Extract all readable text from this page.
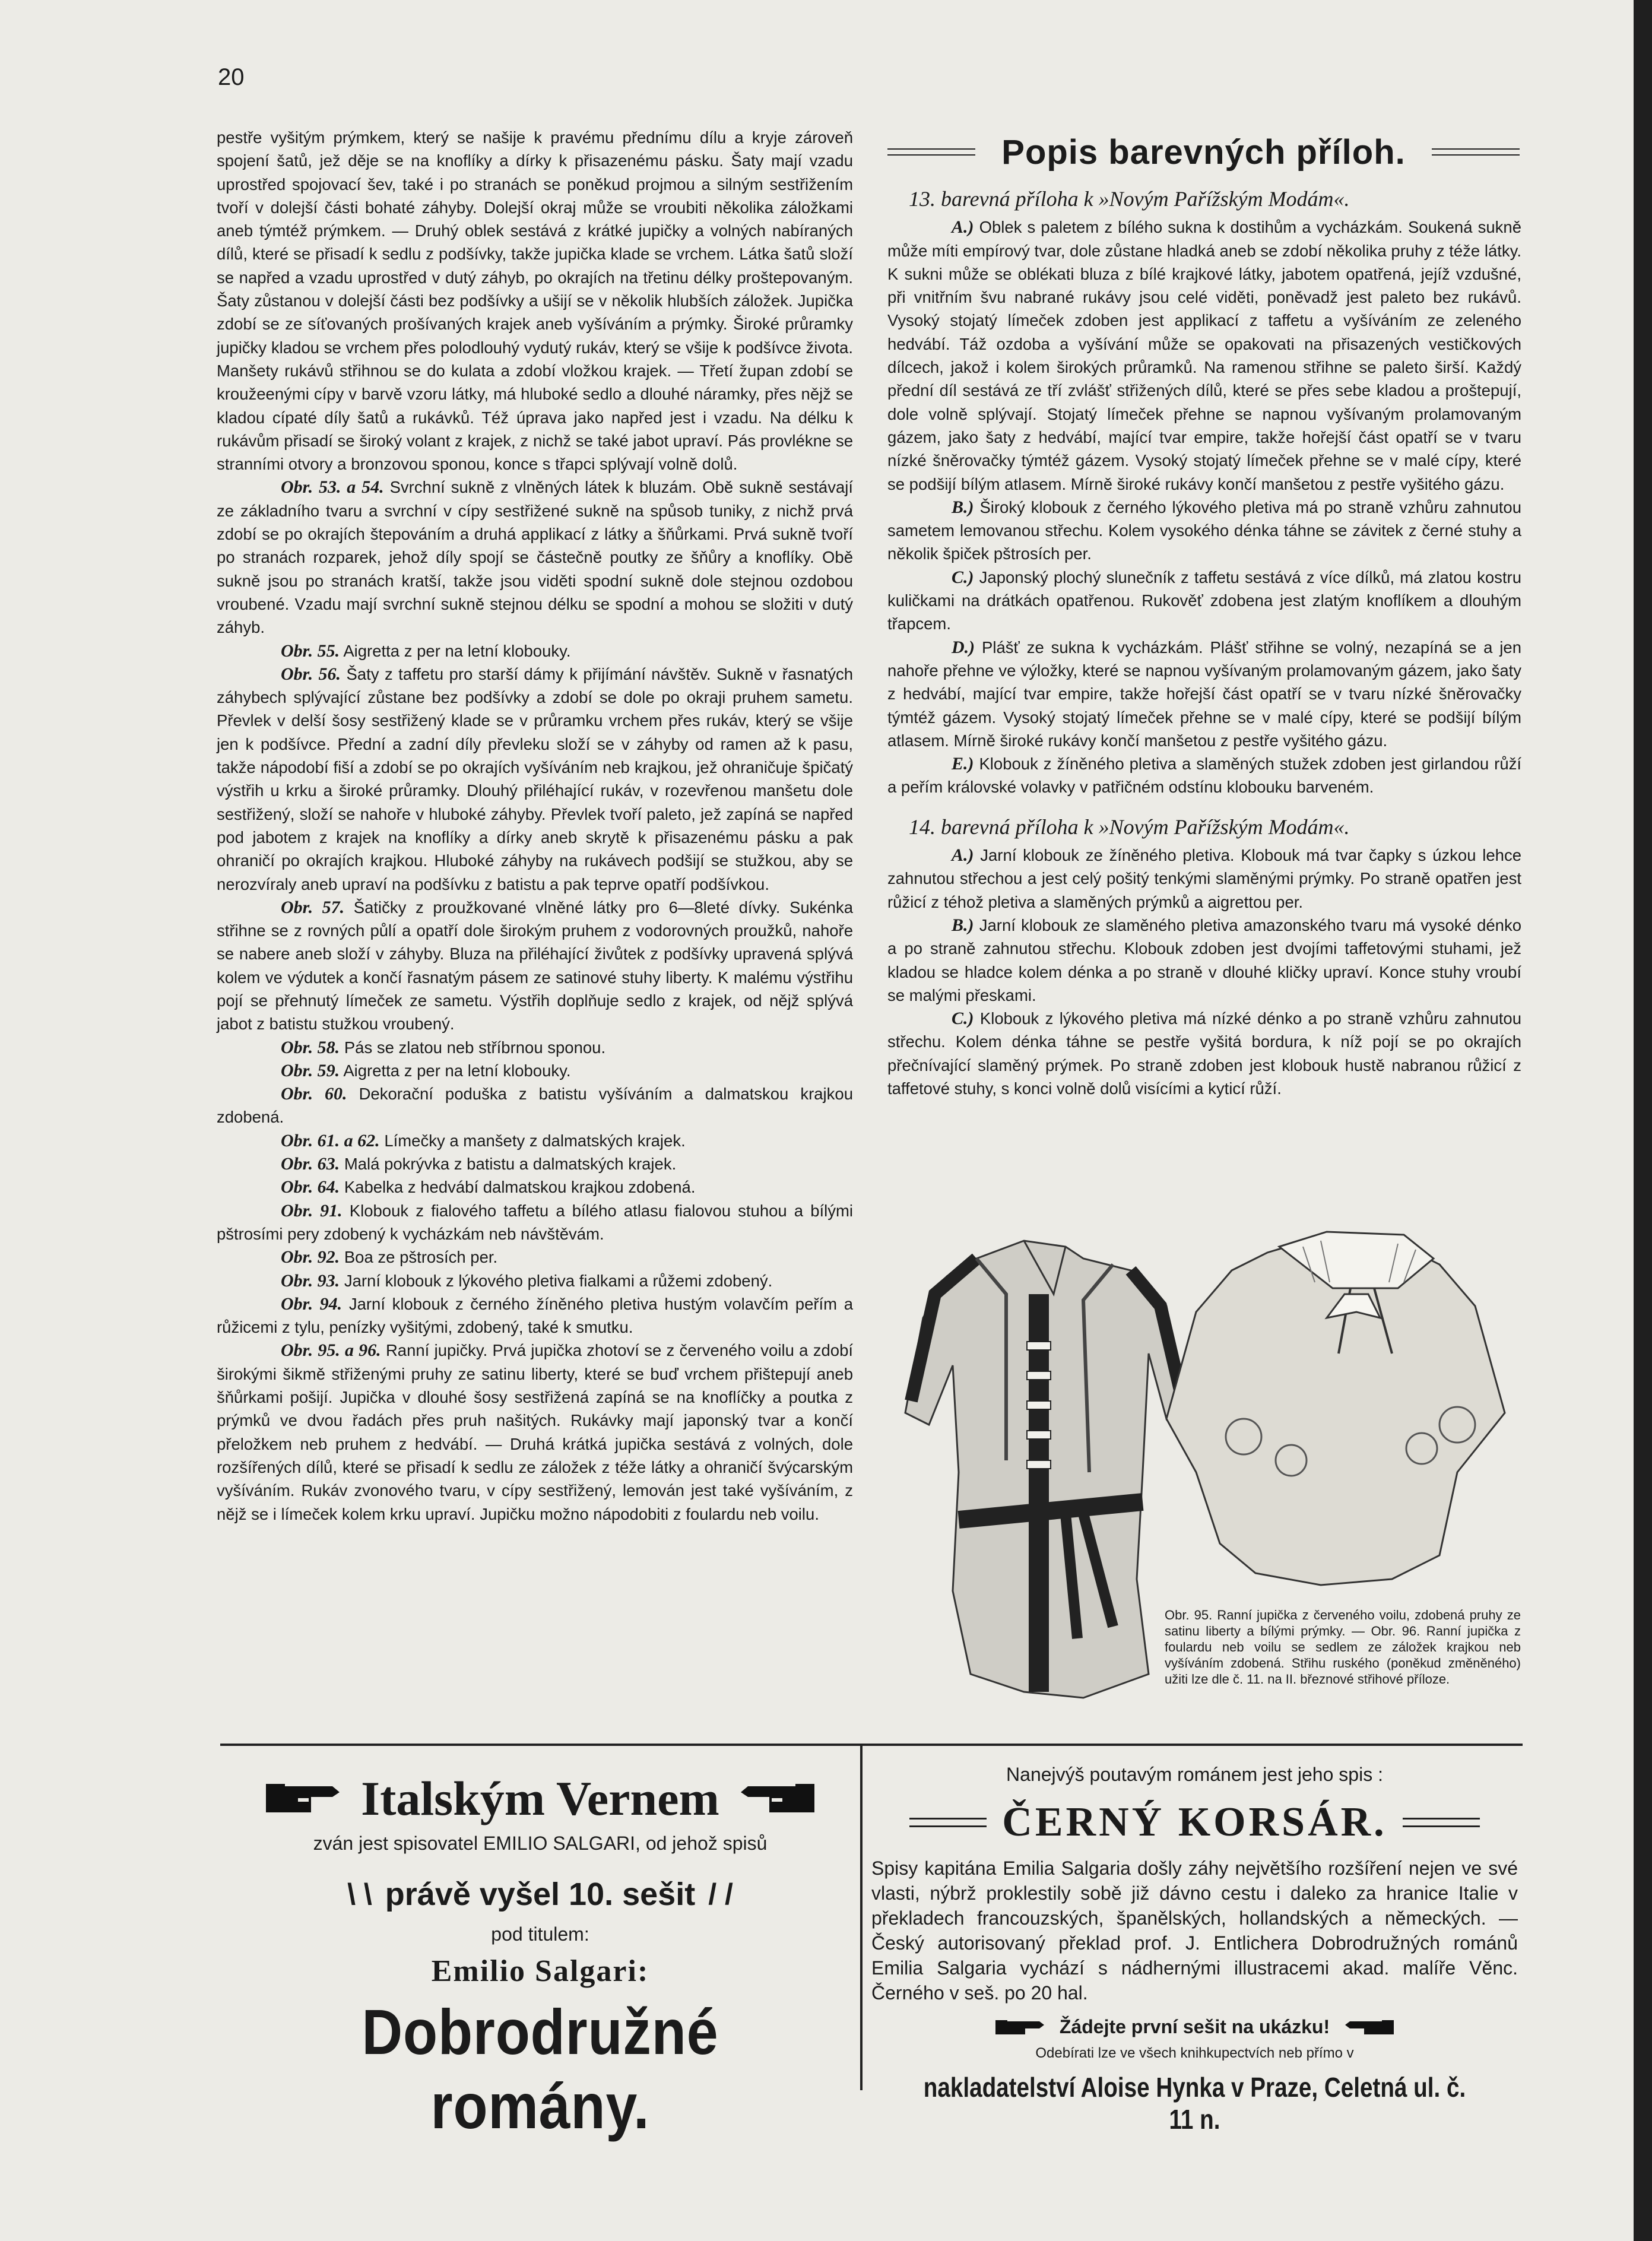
20

pestře vyšitým prýmkem, který se našije k pravému přednímu dílu a kryje zároveň spojení šatů, jež děje se na knoflíky a dírky k přisazenému pásku. Šaty mají vzadu uprostřed spojovací šev, také i po stranách se poněkud projmou a silným sestřižením tvoří v dolejší části bohaté záhyby. Dolejší okraj může se vroubiti několika záložkami aneb týmtéž prýmkem. — Druhý oblek sestává z krátké jupičky a volných nabíraných dílů, které se přisadí k sedlu z podšívky, takže jupička klade se vrchem. Látka šatů složí se napřed a vzadu uprostřed v dutý záhyb, po okrajích na třetinu délky proštepovaným. Šaty zůstanou v dolejší části bez podšívky a ušijí se v několik hlubších záložek. Jupička zdobí se ze síťovaných prošívaných krajek aneb vyšíváním a prýmky. Široké průramky jupičky kladou se vrchem přes polodlouhý vydutý rukáv, který se všije k podšívce života. Manšety rukávů střihnou se do kulata a zdobí vložkou krajek. — Třetí župan zdobí se kroužeenými cípy v barvě vzoru látky, má hluboké sedlo a dlouhé náramky, přes nějž se kladou cípaté díly šatů a rukávků. Též úprava jako napřed jest i vzadu. Na délku k rukávům přisadí se široký volant z krajek, z nichž se také jabot upraví. Pás provlékne se stranními otvory a bronzovou sponou, konce s třapci splývají volně dolů.

Obr. 53. a 54. Svrchní sukně z vlněných látek k bluzám. Obě sukně sestávají ze základního tvaru a svrchní v cípy sestřižené sukně na spůsob tuniky, z nichž prvá zdobí se po okrajích štepováním a druhá applikací z látky a šňůrkami. Prvá sukně tvoří po stranách rozparek, jehož díly spojí se částečně poutky ze šňůry a knoflíky. Obě sukně jsou po stranách kratší, takže jsou viděti spodní sukně dole stejnou ozdobou vroubené. Vzadu mají svrchní sukně stejnou délku se spodní a mohou se složiti v dutý záhyb.

Obr. 55. Aigretta z per na letní klobouky.

Obr. 56. Šaty z taffetu pro starší dámy k přijímání návštěv. Sukně v řasnatých záhybech splývající zůstane bez podšívky a zdobí se dole po okraji pruhem sametu. Převlek v delší šosy sestřižený klade se v průramku vrchem přes rukáv, který se všije jen k podšívce. Přední a zadní díly převleku složí se v záhyby od ramen až k pasu, takže nápodobí fiší a zdobí se po okrajích vyšíváním neb krajkou, jež ohraničuje špičatý výstřih u krku a široké průramky. Dlouhý přiléhající rukáv, v rozevřenou manšetu dole sestřižený, složí se nahoře v hluboké záhyby. Převlek tvoří paleto, jež zapíná se napřed pod jabotem z krajek na knoflíky a dírky aneb skrytě k přisazenému pásku a pak ohraničí po okrajích krajkou. Hluboké záhyby na rukávech podšijí se stužkou, aby se nerozvíraly aneb upraví na podšívku z batistu a pak teprve opatří podšívkou.

Obr. 57. Šatičky z proužkované vlněné látky pro 6—8leté dívky. Sukénka střihne se z rovných půlí a opatří dole širokým pruhem z vodorovných proužků, nahoře se nabere aneb složí v záhyby. Bluza na přiléhající živůtek z podšívky upravená splývá kolem ve výdutek a končí řasnatým pásem ze satinové stuhy liberty. K malému výstřihu pojí se přehnutý límeček ze sametu. Výstřih doplňuje sedlo z krajek, od nějž splývá jabot z batistu stužkou vroubený.

Obr. 58. Pás se zlatou neb stříbrnou sponou.

Obr. 59. Aigretta z per na letní klobouky.

Obr. 60. Dekorační poduška z batistu vyšíváním a dalmatskou krajkou zdobená.

Obr. 61. a 62. Límečky a manšety z dalmatských krajek.

Obr. 63. Malá pokrývka z batistu a dalmatských krajek.

Obr. 64. Kabelka z hedvábí dalmatskou krajkou zdobená.

Obr. 91. Klobouk z fialového taffetu a bílého atlasu fialovou stuhou a bílými pštrosími pery zdobený k vycházkám neb návštěvám.

Obr. 92. Boa ze pštrosích per.

Obr. 93. Jarní klobouk z lýkového pletiva fialkami a růžemi zdobený.

Obr. 94. Jarní klobouk z černého žíněného pletiva hustým volavčím peřím a růžicemi z tylu, penízky vyšitými, zdobený, také k smutku.

Obr. 95. a 96. Ranní jupičky. Prvá jupička zhotoví se z červeného voilu a zdobí širokými šikmě střiženými pruhy ze satinu liberty, které se buď vrchem přištepují aneb šňůrkami pošijí. Jupička v dlouhé šosy sestřižená zapíná se na knoflíčky a poutka z prýmků ve dvou řadách přes pruh našitých. Rukávky mají japonský tvar a končí přeložkem neb pruhem z hedvábí. — Druhá krátká jupička sestává z volných, dole rozšířených dílů, které se přisadí k sedlu ze záložek z téže látky a ohraničí švýcarským vyšíváním. Rukáv zvonového tvaru, v cípy sestřižený, lemován jest také vyšíváním, z nějž se i límeček kolem krku upraví. Jupičku možno nápodobiti z foulardu neb voilu.

Popis barevných příloh.
13. barevná příloha k »Novým Pařížským Modám«.

A.) Oblek s paletem z bílého sukna k dostihům a vycházkám. Soukená sukně může míti empírový tvar, dole zůstane hladká aneb se zdobí několika pruhy z téže látky. K sukni může se oblékati bluza z bílé krajkové látky, jabotem opatřená, jejíž vzdušné, při vnitřním švu nabrané rukávy jsou celé viděti, poněvadž jest paleto bez rukávů. Vysoký stojatý límeček zdoben jest applikací z taffetu a vyšíváním ze zeleného hedvábí. Táž ozdoba a vyšívání může se opakovati na přisazených vestičkových dílcech, jakož i kolem širokých průramků. Na ramenou střihne se paleto širší. Každý přední díl sestává ze tří zvlášť střižených dílů, které se přes sebe kladou a proštepují, dole volně splývají. Stojatý límeček přehne se napnou vyšívaným prolamovaným gázem, jako šaty z hedvábí, mající tvar empire, takže hořejší část opatří se v tvaru nízké šněrovačky týmtéž gázem. Vysoký stojatý límeček přehne se v malé cípy, které se podšijí bílým atlasem. Mírně široké rukávy končí manšetou z pestře vyšitého gázu.

B.) Široký klobouk z černého lýkového pletiva má po straně vzhůru zahnutou sametem lemovanou střechu. Kolem vysokého dénka táhne se závitek z černé stuhy a několik špiček pštrosích per.

C.) Japonský plochý slunečník z taffetu sestává z více dílků, má zlatou kostru kuličkami na drátkách opatřenou. Rukověť zdobena jest zlatým knoflíkem a dlouhým třapcem.

D.) Plášť ze sukna k vycházkám. Plášť střihne se volný, nezapíná se a jen nahoře přehne ve výložky, které se napnou vyšívaným prolamovaným gázem, jako šaty z hedvábí, mající tvar empire, takže hořejší část opatří se v tvaru nízké šněrovačky týmtéž gázem. Vysoký stojatý límeček přehne se v malé cípy, které se podšijí bílým atlasem. Mírně široké rukávy končí manšetou z pestře vyšitého gázu.

E.) Klobouk z žíněného pletiva a slaměných stužek zdoben jest girlandou růží a peřím královské volavky v patřičném odstínu klobouku barveném.

14. barevná příloha k »Novým Pařížským Modám«.

A.) Jarní klobouk ze žíněného pletiva. Klobouk má tvar čapky s úzkou lehce zahnutou střechou a jest celý pošitý tenkými slaměnými prýmky. Po straně opatřen jest růžicí z téhož pletiva a slaměných prýmků a aigrettou per.

B.) Jarní klobouk ze slaměného pletiva amazonského tvaru má vysoké dénko a po straně zahnutou střechu. Klobouk zdoben jest dvojími taffetovými stuhami, jež kladou se hladce kolem dénka a po straně v dlouhé kličky upraví. Konce stuhy vroubí se malými přeskami.

C.) Klobouk z lýkového pletiva má nízké dénko a po straně vzhůru zahnutou střechu. Kolem dénka táhne se pestře vyšitá bordura, k níž pojí se po okrajích přečnívající slaměný prýmek. Po straně zdoben jest klobouk hustě nabranou růžicí z taffetové stuhy, s konci volně dolů visícími a kyticí růží.

Obr. 95. Ranní jupička z červeného voilu, zdobená pruhy ze satinu liberty a bílými prýmky. — Obr. 96. Ranní jupička z foulardu neb voilu se sedlem ze záložek krajkou neb vyšíváním zdobená. Střihu ruského (poněkud změněného) užiti lze dle č. 11. na II. březnové střihové příloze.
Italským Vernem
zván jest spisovatel EMILIO SALGARI, od jehož spisů
\ \ právě vyšel 10. sešit / /
pod titulem:
Emilio Salgari:
Dobrodružné romány.
Nanejvýš poutavým románem jest jeho spis :
ČERNÝ KORSÁR.
Spisy kapitána Emilia Salgaria došly záhy největšího rozšíření nejen ve své vlasti, nýbrž proklestily sobě již dávno cestu i daleko za hranice Italie v překladech francouzských, španělských, hollandských a německých. — Český autorisovaný překlad prof. J. Entlichera Dobrodružných románů Emilia Salgaria vychází s nádhernými illustracemi akad. malíře Věnc. Černého v seš. po 20 hal.
Žádejte první sešit na ukázku!
Odebírati lze ve všech knihkupectvích neb přímo v
nakladatelství Aloise Hynka v Praze, Celetná ul. č. 11 n.
